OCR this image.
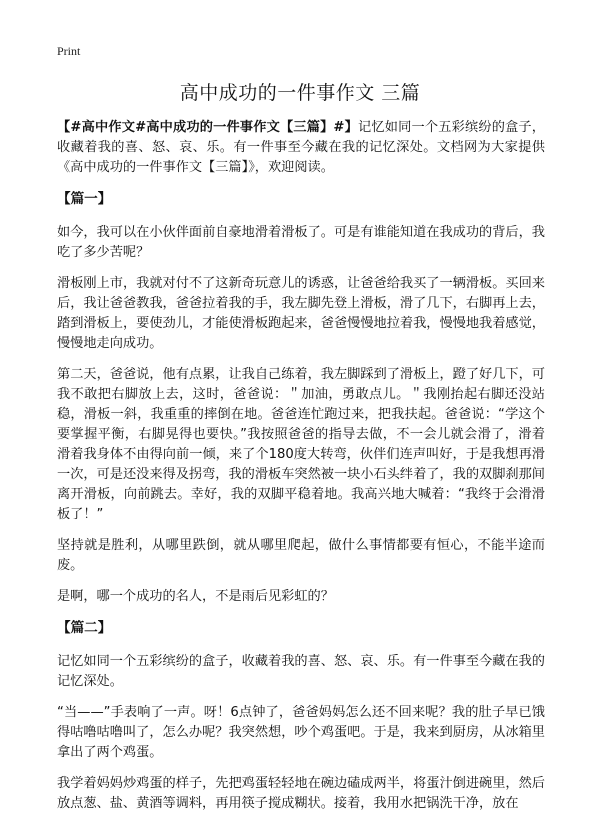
Print
高中成功的一件事作文 三篇

【#高中作文#高中成功的一件事作文【三篇】#】记忆如同一个五彩缤纷的盒子，收藏着我的喜、怒、哀、乐。有一件事至今藏在我的记忆深处。文档网为大家提供《高中成功的一件事作文【三篇】》，欢迎阅读。

【篇一】

如今，我可以在小伙伴面前自豪地滑着滑板了。可是有谁能知道在我成功的背后，我吃了多少苦呢？

滑板刚上市，我就对付不了这新奇玩意儿的诱惑，让爸爸给我买了一辆滑板。买回来后，我让爸爸教我，爸爸拉着我的手，我左脚先登上滑板，滑了几下，右脚再上去，踏到滑板上，要使劲儿，才能使滑板跑起来，爸爸慢慢地拉着我，慢慢地我着感觉，慢慢地走向成功。

第二天，爸爸说，他有点累，让我自己练着，我左脚踩到了滑板上，蹬了好几下，可我不敢把右脚放上去，这时，爸爸说：＂加油，勇敢点儿。＂我刚抬起右脚还没站稳，滑板一斜，我重重的摔倒在地。爸爸连忙跑过来，把我扶起。爸爸说：“学这个要掌握平衡，右脚晃得也要快。”我按照爸爸的指导去做，不一会儿就会滑了，滑着滑着我身体不由得向前一倾，来了个180度大转弯，伙伴们连声叫好，于是我想再滑一次，可是还没来得及拐弯，我的滑板车突然被一块小石头绊着了，我的双脚刹那间离开滑板，向前跳去。幸好，我的双脚平稳着地。我高兴地大喊着：“我终于会滑滑板了！”

坚持就是胜利，从哪里跌倒，就从哪里爬起，做什么事情都要有恒心，不能半途而废。

是啊，哪一个成功的名人，不是雨后见彩虹的？

【篇二】

记忆如同一个五彩缤纷的盒子，收藏着我的喜、怒、哀、乐。有一件事至今藏在我的记忆深处。

“当——”手表响了一声。呀！6点钟了，爸爸妈妈怎么还不回来呢？我的肚子早已饿得咕噜咕噜叫了，怎么办呢？我突然想，吵个鸡蛋吧。于是，我来到厨房，从冰箱里拿出了两个鸡蛋。

我学着妈妈炒鸡蛋的样子，先把鸡蛋轻轻地在碗边磕成两半，将蛋汁倒进碗里，然后放点葱、盐、黄酒等调料，再用筷子搅成糊状。接着，我用水把锅洗干净，放在
